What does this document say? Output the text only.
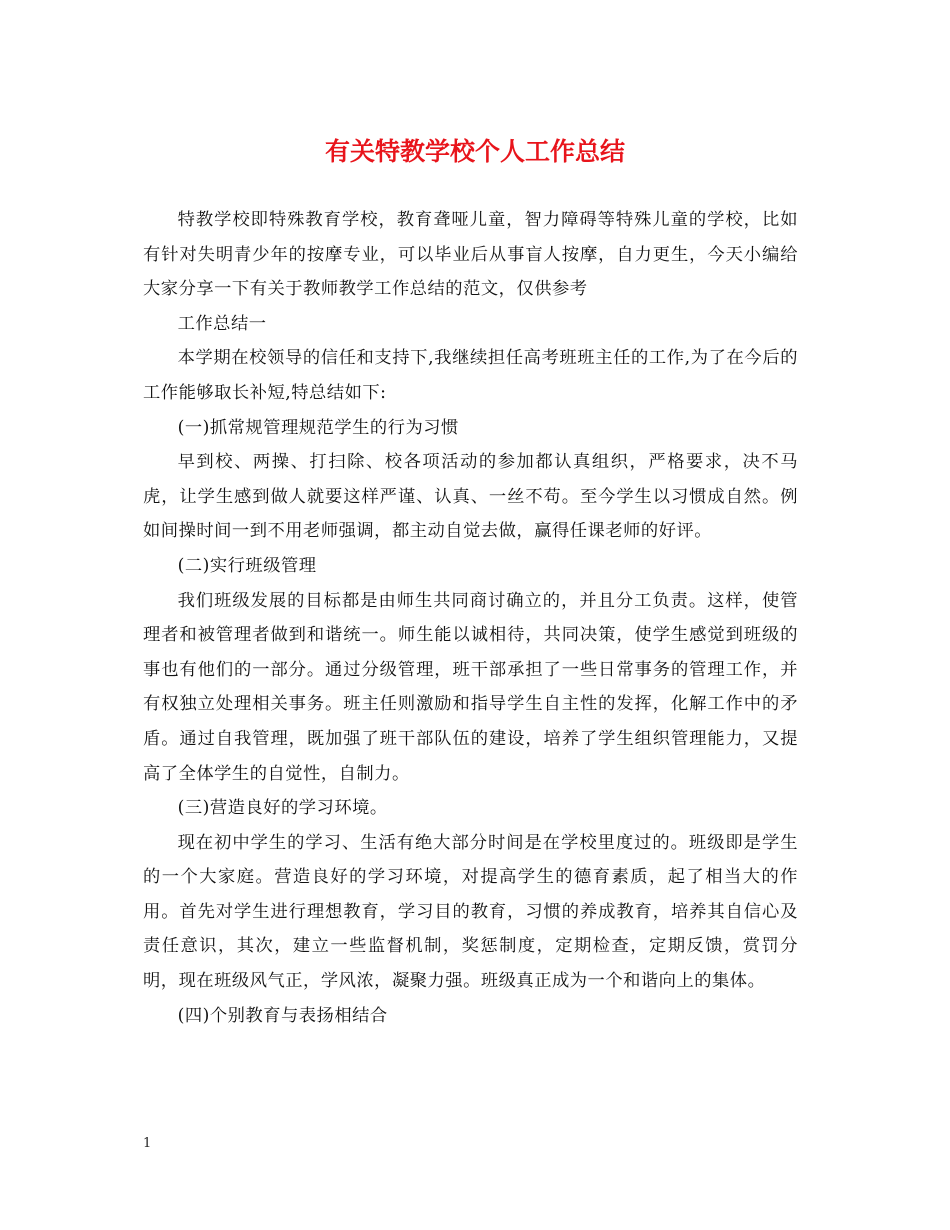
有关特教学校个人工作总结

特教学校即特殊教育学校，教育聋哑儿童，智力障碍等特殊儿童的学校，比如有针对失明青少年的按摩专业，可以毕业后从事盲人按摩，自力更生，今天小编给大家分享一下有关于教师教学工作总结的范文，仅供参考

工作总结一

本学期在校领导的信任和支持下,我继续担任高考班班主任的工作,为了在今后的工作能够取长补短,特总结如下:

(一)抓常规管理规范学生的行为习惯

早到校、两操、打扫除、校各项活动的参加都认真组织，严格要求，决不马虎，让学生感到做人就要这样严谨、认真、一丝不苟。至今学生以习惯成自然。例如间操时间一到不用老师强调，都主动自觉去做，赢得任课老师的好评。

(二)实行班级管理

我们班级发展的目标都是由师生共同商讨确立的，并且分工负责。这样，使管理者和被管理者做到和谐统一。师生能以诚相待，共同决策，使学生感觉到班级的事也有他们的一部分。通过分级管理，班干部承担了一些日常事务的管理工作，并有权独立处理相关事务。班主任则激励和指导学生自主性的发挥，化解工作中的矛盾。通过自我管理，既加强了班干部队伍的建设，培养了学生组织管理能力，又提高了全体学生的自觉性，自制力。

(三)营造良好的学习环境。

现在初中学生的学习、生活有绝大部分时间是在学校里度过的。班级即是学生的一个大家庭。营造良好的学习环境，对提高学生的德育素质，起了相当大的作用。首先对学生进行理想教育，学习目的教育，习惯的养成教育，培养其自信心及责任意识，其次，建立一些监督机制，奖惩制度，定期检查，定期反馈，赏罚分明，现在班级风气正，学风浓，凝聚力强。班级真正成为一个和谐向上的集体。

(四)个别教育与表扬相结合

1
